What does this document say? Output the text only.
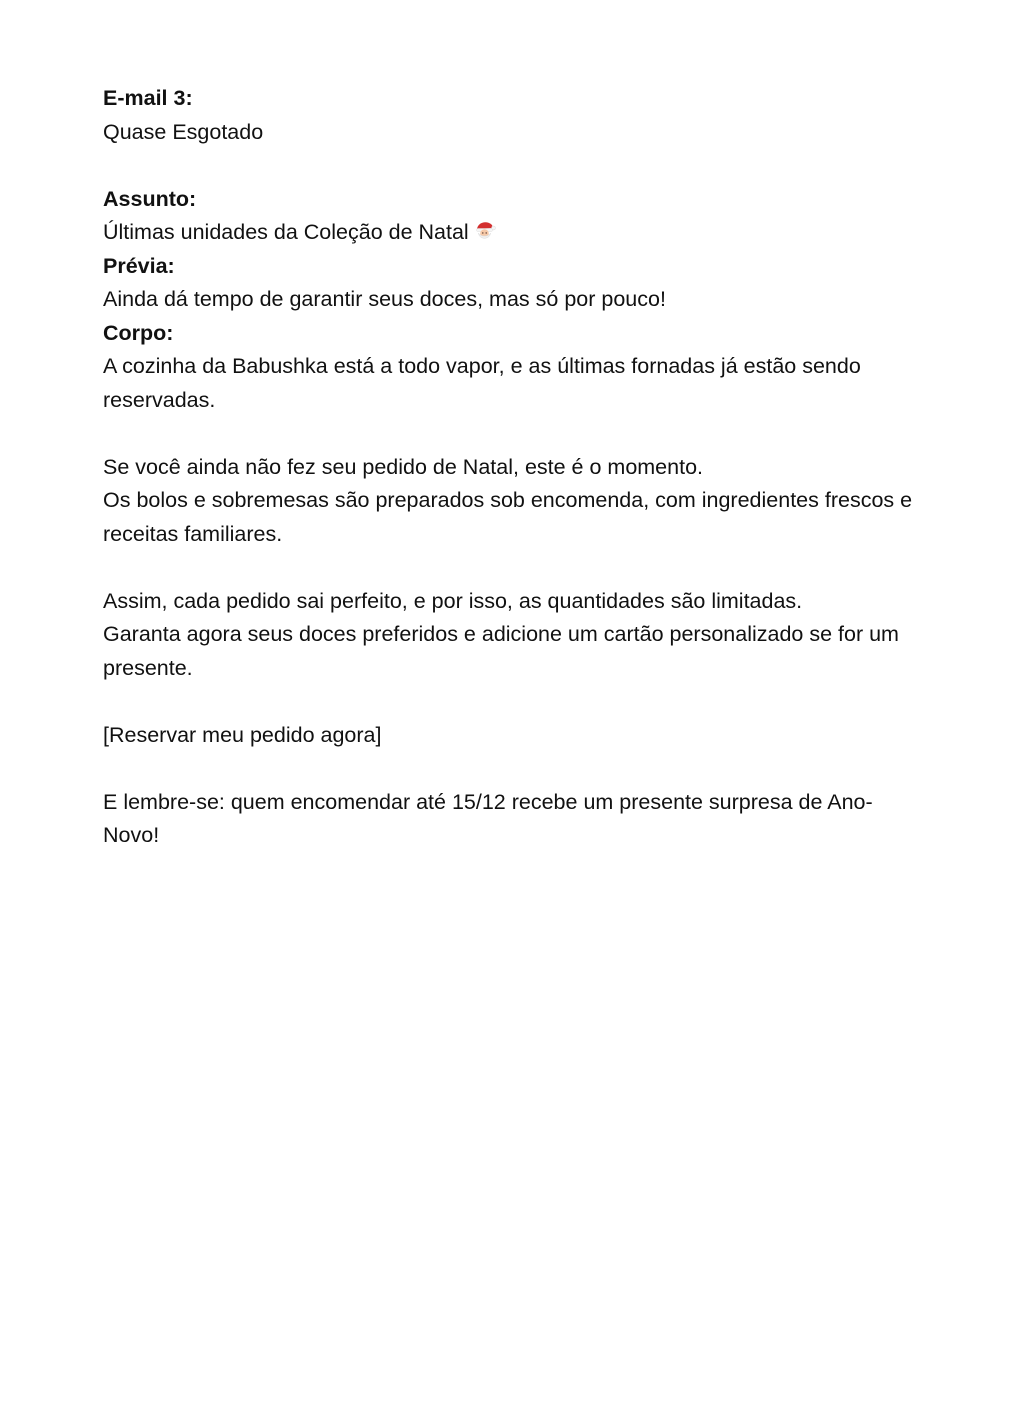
E-mail 3:
Quase Esgotado
Assunto:
Últimas unidades da Coleção de Natal
Prévia:
Ainda dá tempo de garantir seus doces, mas só por pouco!
Corpo:
A cozinha da Babushka está a todo vapor, e as últimas fornadas já estão sendo reservadas.
Se você ainda não fez seu pedido de Natal, este é o momento.
Os bolos e sobremesas são preparados sob encomenda, com ingredientes frescos e receitas familiares.
Assim, cada pedido sai perfeito, e por isso, as quantidades são limitadas.
Garanta agora seus doces preferidos e adicione um cartão personalizado se for um presente.
[Reservar meu pedido agora]
E lembre-se: quem encomendar até 15/12 recebe um presente surpresa de Ano-Novo!
